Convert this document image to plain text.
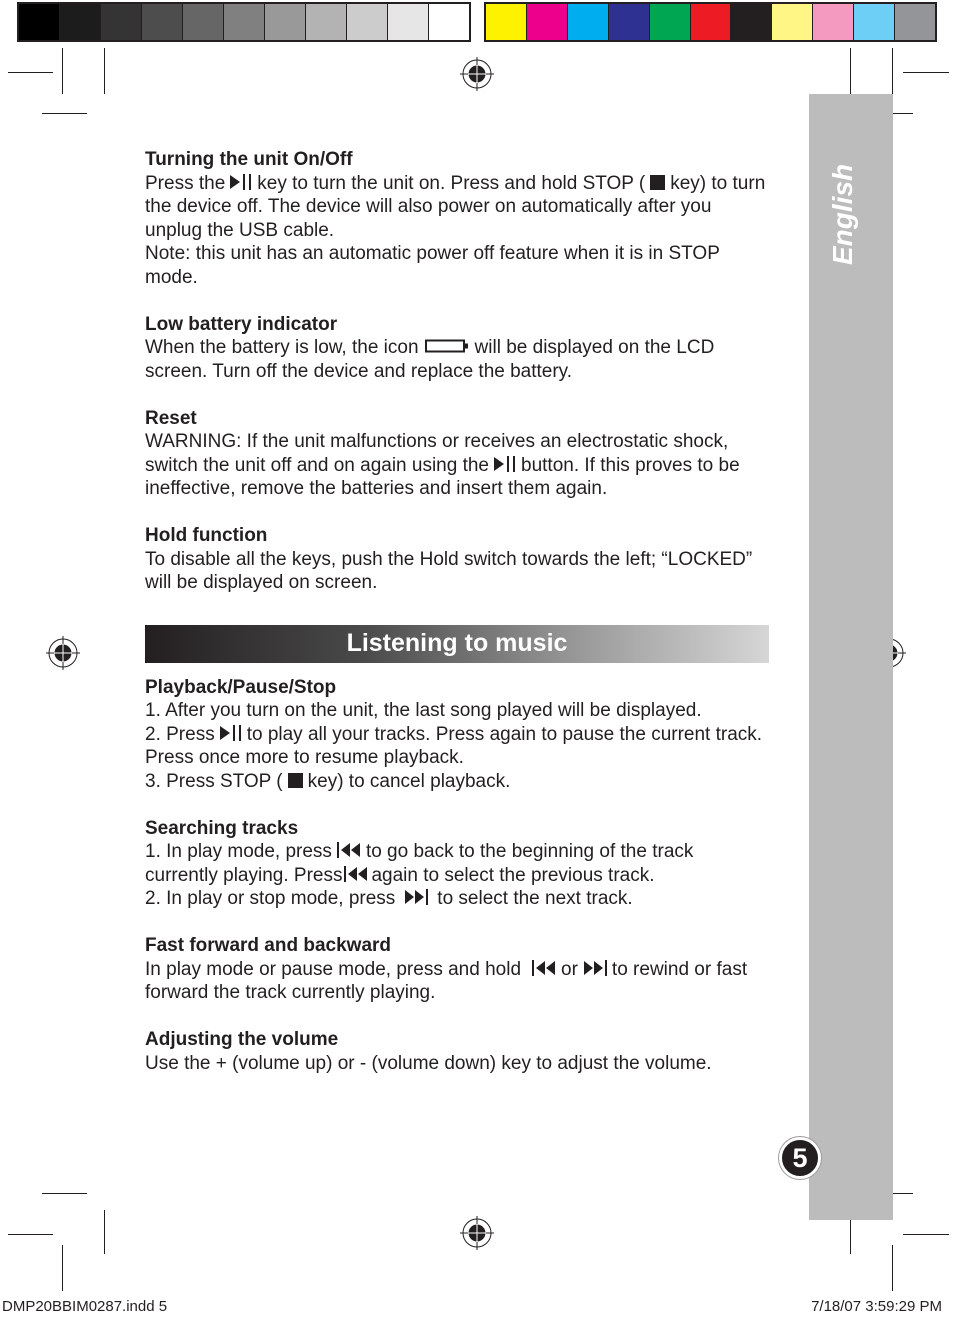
English
5

Turning the unit On/Off

Press the key to turn the unit on. Press and hold STOP ( key) to turn the device off. The device will also power on automatically after you unplug the USB cable.

Note: this unit has an automatic power off feature when it is in STOP mode.

Low battery indicator

When the battery is low, the icon	will be displayed on the LCD screen. Turn off the device and replace the battery.

Reset

WARNING: If the unit malfunctions or receives an electrostatic shock, switch the unit off and on again using the button. If this proves to be ineffective, remove the batteries and insert them again.

Hold function

To disable all the keys, push the Hold switch towards the left; “LOCKED” will be displayed on screen.

Listening to music

Playback/Pause/Stop

1. After you turn on the unit, the last song played will be displayed.

2. Press to play all your tracks. Press again to pause the current track. Press once more to resume playback.

3. Press STOP ( key) to cancel playback.

Searching tracks

1. In play mode, press to go back to the beginning of the track currently playing. Press again to select the previous track.

2. In play or stop mode, press to select the next track.

Fast forward and backward

In play mode or pause mode, press and hold or to rewind or fast forward the track currently playing.

Adjusting the volume

Use the + (volume up) or - (volume down) key to adjust the volume.

DMP20BBIM0287.indd 5	7/18/07 3:59:29 PM
